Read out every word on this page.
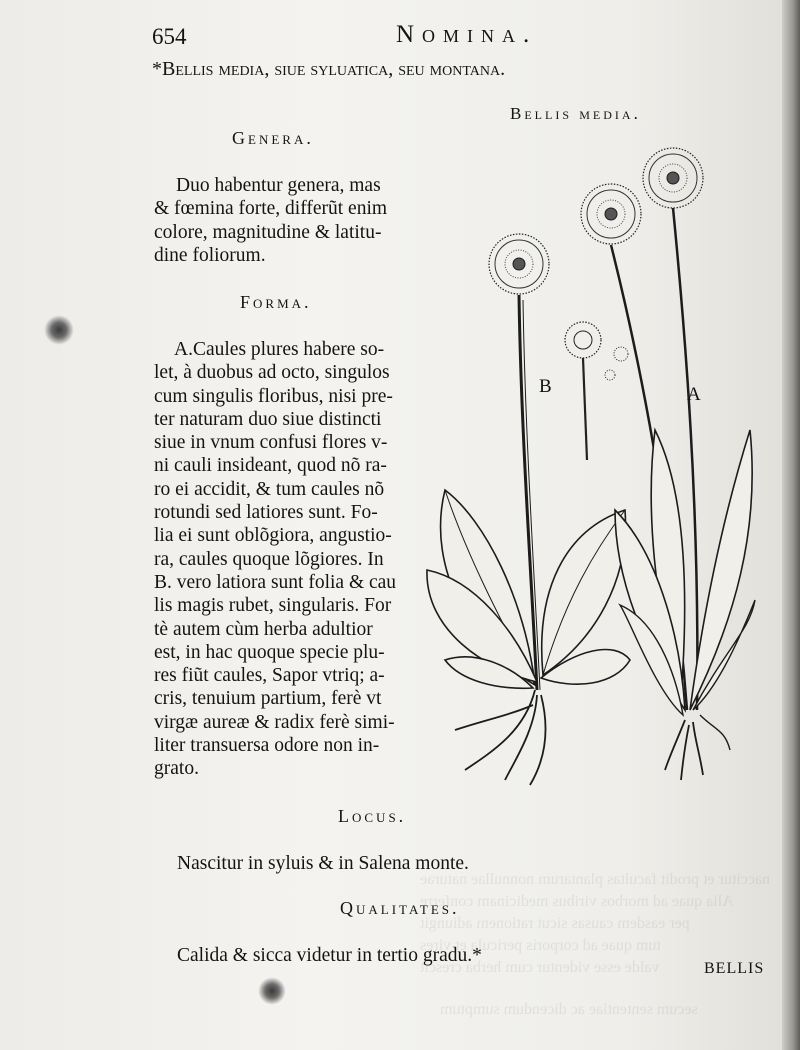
naccitur et prodit facultas plantarum nonnullae naturae
Alia quae ad morbos viribus medicinam conferre
per easdem causas sicut rationem adiungit
tum quae ad corporis pericula et vires
valde esse videntur cum herba crescit
secum sententiae ac dicendum sumptum
654	Nomina.
*Bellis media, siue syluatica, seu montana.
Bellis media.
Genera.
Duo habentur genera, mas
& fœmina forte, differũt enim
colore, magnitudine & latitu-
dine foliorum.
Forma.
A.Caules plures habere so-
let, à duobus ad octo, singulos
cum singulis floribus, nisi pre-
ter naturam duo siue distincti
siue in vnum confusi flores v-
ni cauli insideant, quod nõ ra-
ro ei accidit, & tum caules nõ
rotundi sed latiores sunt. Fo-
lia ei sunt oblõgiora, angustio-
ra, caules quoque lõgiores. In
B. vero latiora sunt folia & cau
lis magis rubet, singularis. For
tè autem cùm herba adultior
est, in hac quoque specie plu-
res fiũt caules, Sapor vtriq; a-
cris, tenuium partium, ferè vt
virgæ aureæ & radix ferè simi-
liter transuersa odore non in-
grato.
B	A
Locus.
Nascitur in syluis & in Salena monte.
Qualitates.
Calida & sicca videtur in tertio gradu.*
BELLIS
